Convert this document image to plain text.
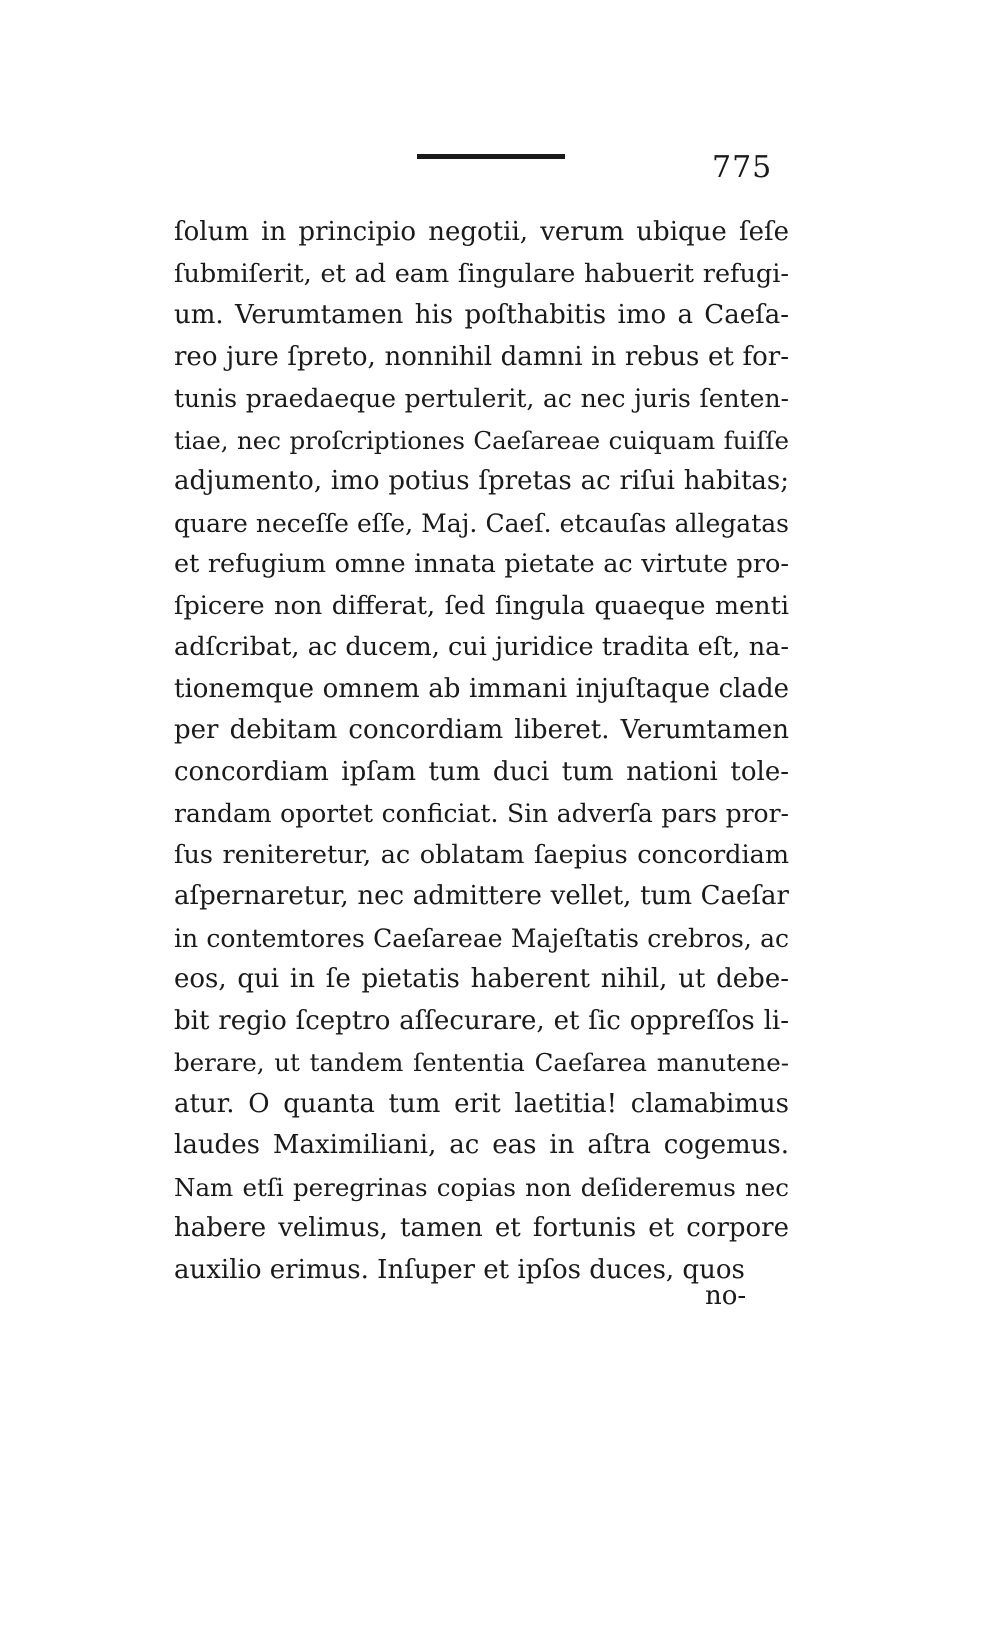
775
ſolum in principio negotii, verum ubique ſeſe
ſubmiſerit, et ad eam ſingulare habuerit refugi-
um. Verumtamen his poſthabitis imo a Caeſa-
reo jure ſpreto, nonnihil damni in rebus et for-
tunis praedaeque pertulerit, ac nec juris ſenten-
tiae, nec proſcriptiones Caeſareae cuiquam fuiſſe
adjumento, imo potius ſpretas ac riſui habitas;
quare neceſſe eſſe, Maj. Caeſ. etcauſas allegatas
et refugium omne innata pietate ac virtute pro-
ſpicere non differat, ſed ſingula quaeque menti
adſcribat, ac ducem, cui juridice tradita eſt, na-
tionemque omnem ab immani injuſtaque clade
per debitam concordiam liberet. Verumtamen
concordiam ipſam tum duci tum nationi tole-
randam oportet conficiat. Sin adverſa pars pror-
ſus reniteretur, ac oblatam ſaepius concordiam
aſpernaretur, nec admittere vellet, tum Caeſar
in contemtores Caeſareae Majeſtatis crebros, ac
eos, qui in ſe pietatis haberent nihil, ut debe-
bit regio ſceptro aſſecurare, et ſic oppreſſos li-
berare, ut tandem ſententia Caeſarea manutene-
atur. O quanta tum erit laetitia! clamabimus
laudes Maximiliani, ac eas in aſtra cogemus.
Nam etſi peregrinas copias non deſideremus nec
habere velimus, tamen et fortunis et corpore
auxilio erimus. Inſuper et ipſos duces, quos
no-
